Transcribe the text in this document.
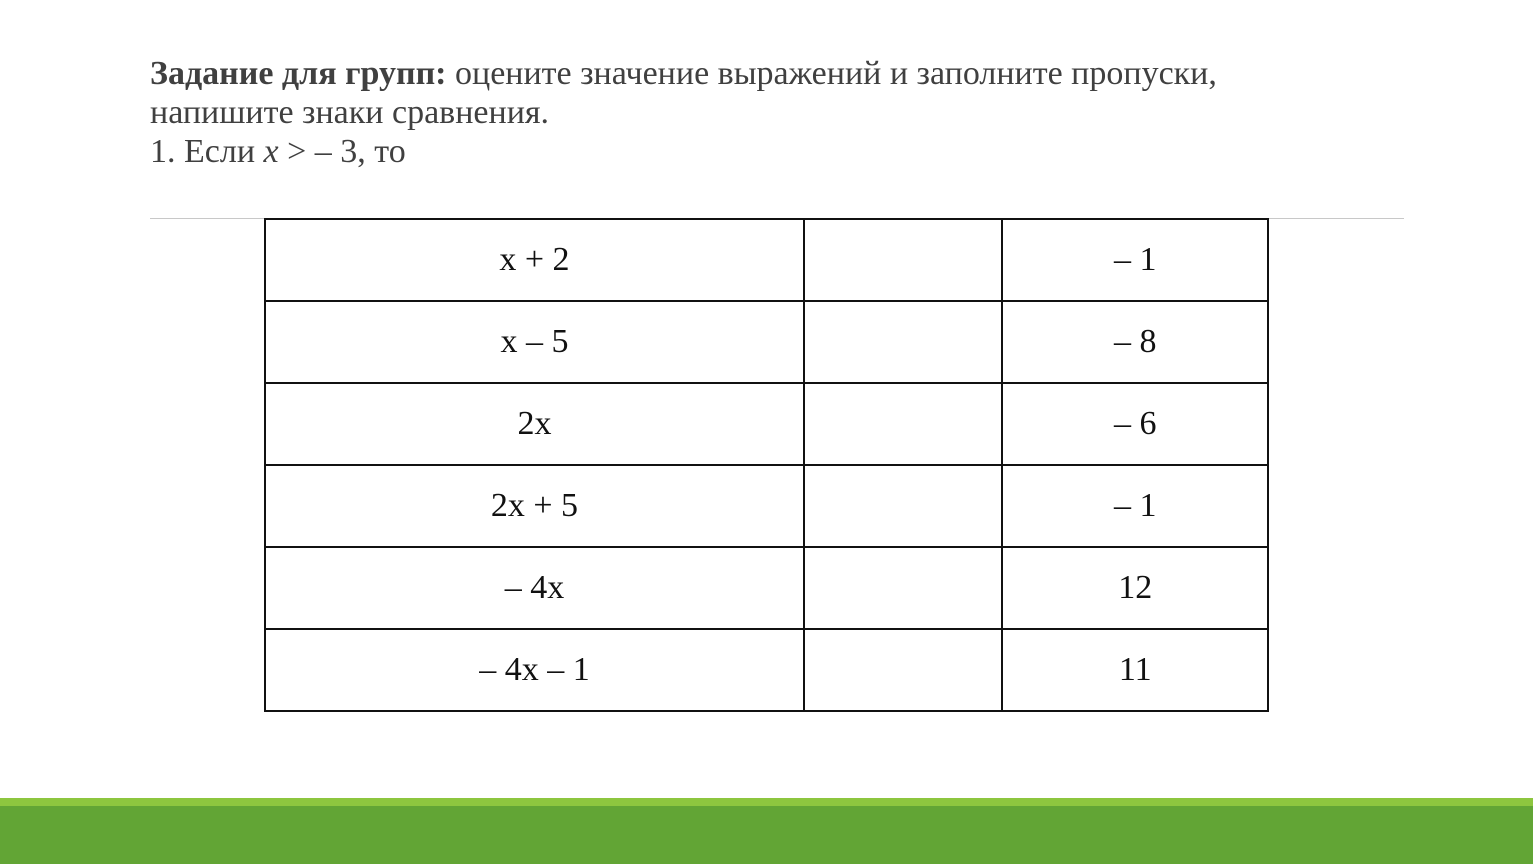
Задание для групп: оцените значение выражений и заполните пропуски,
напишите знаки сравнения.
1. Если x > – 3, то
x + 2		– 1
x – 5		– 8
2x		– 6
2x + 5		– 1
– 4x		12
– 4x – 1		11
